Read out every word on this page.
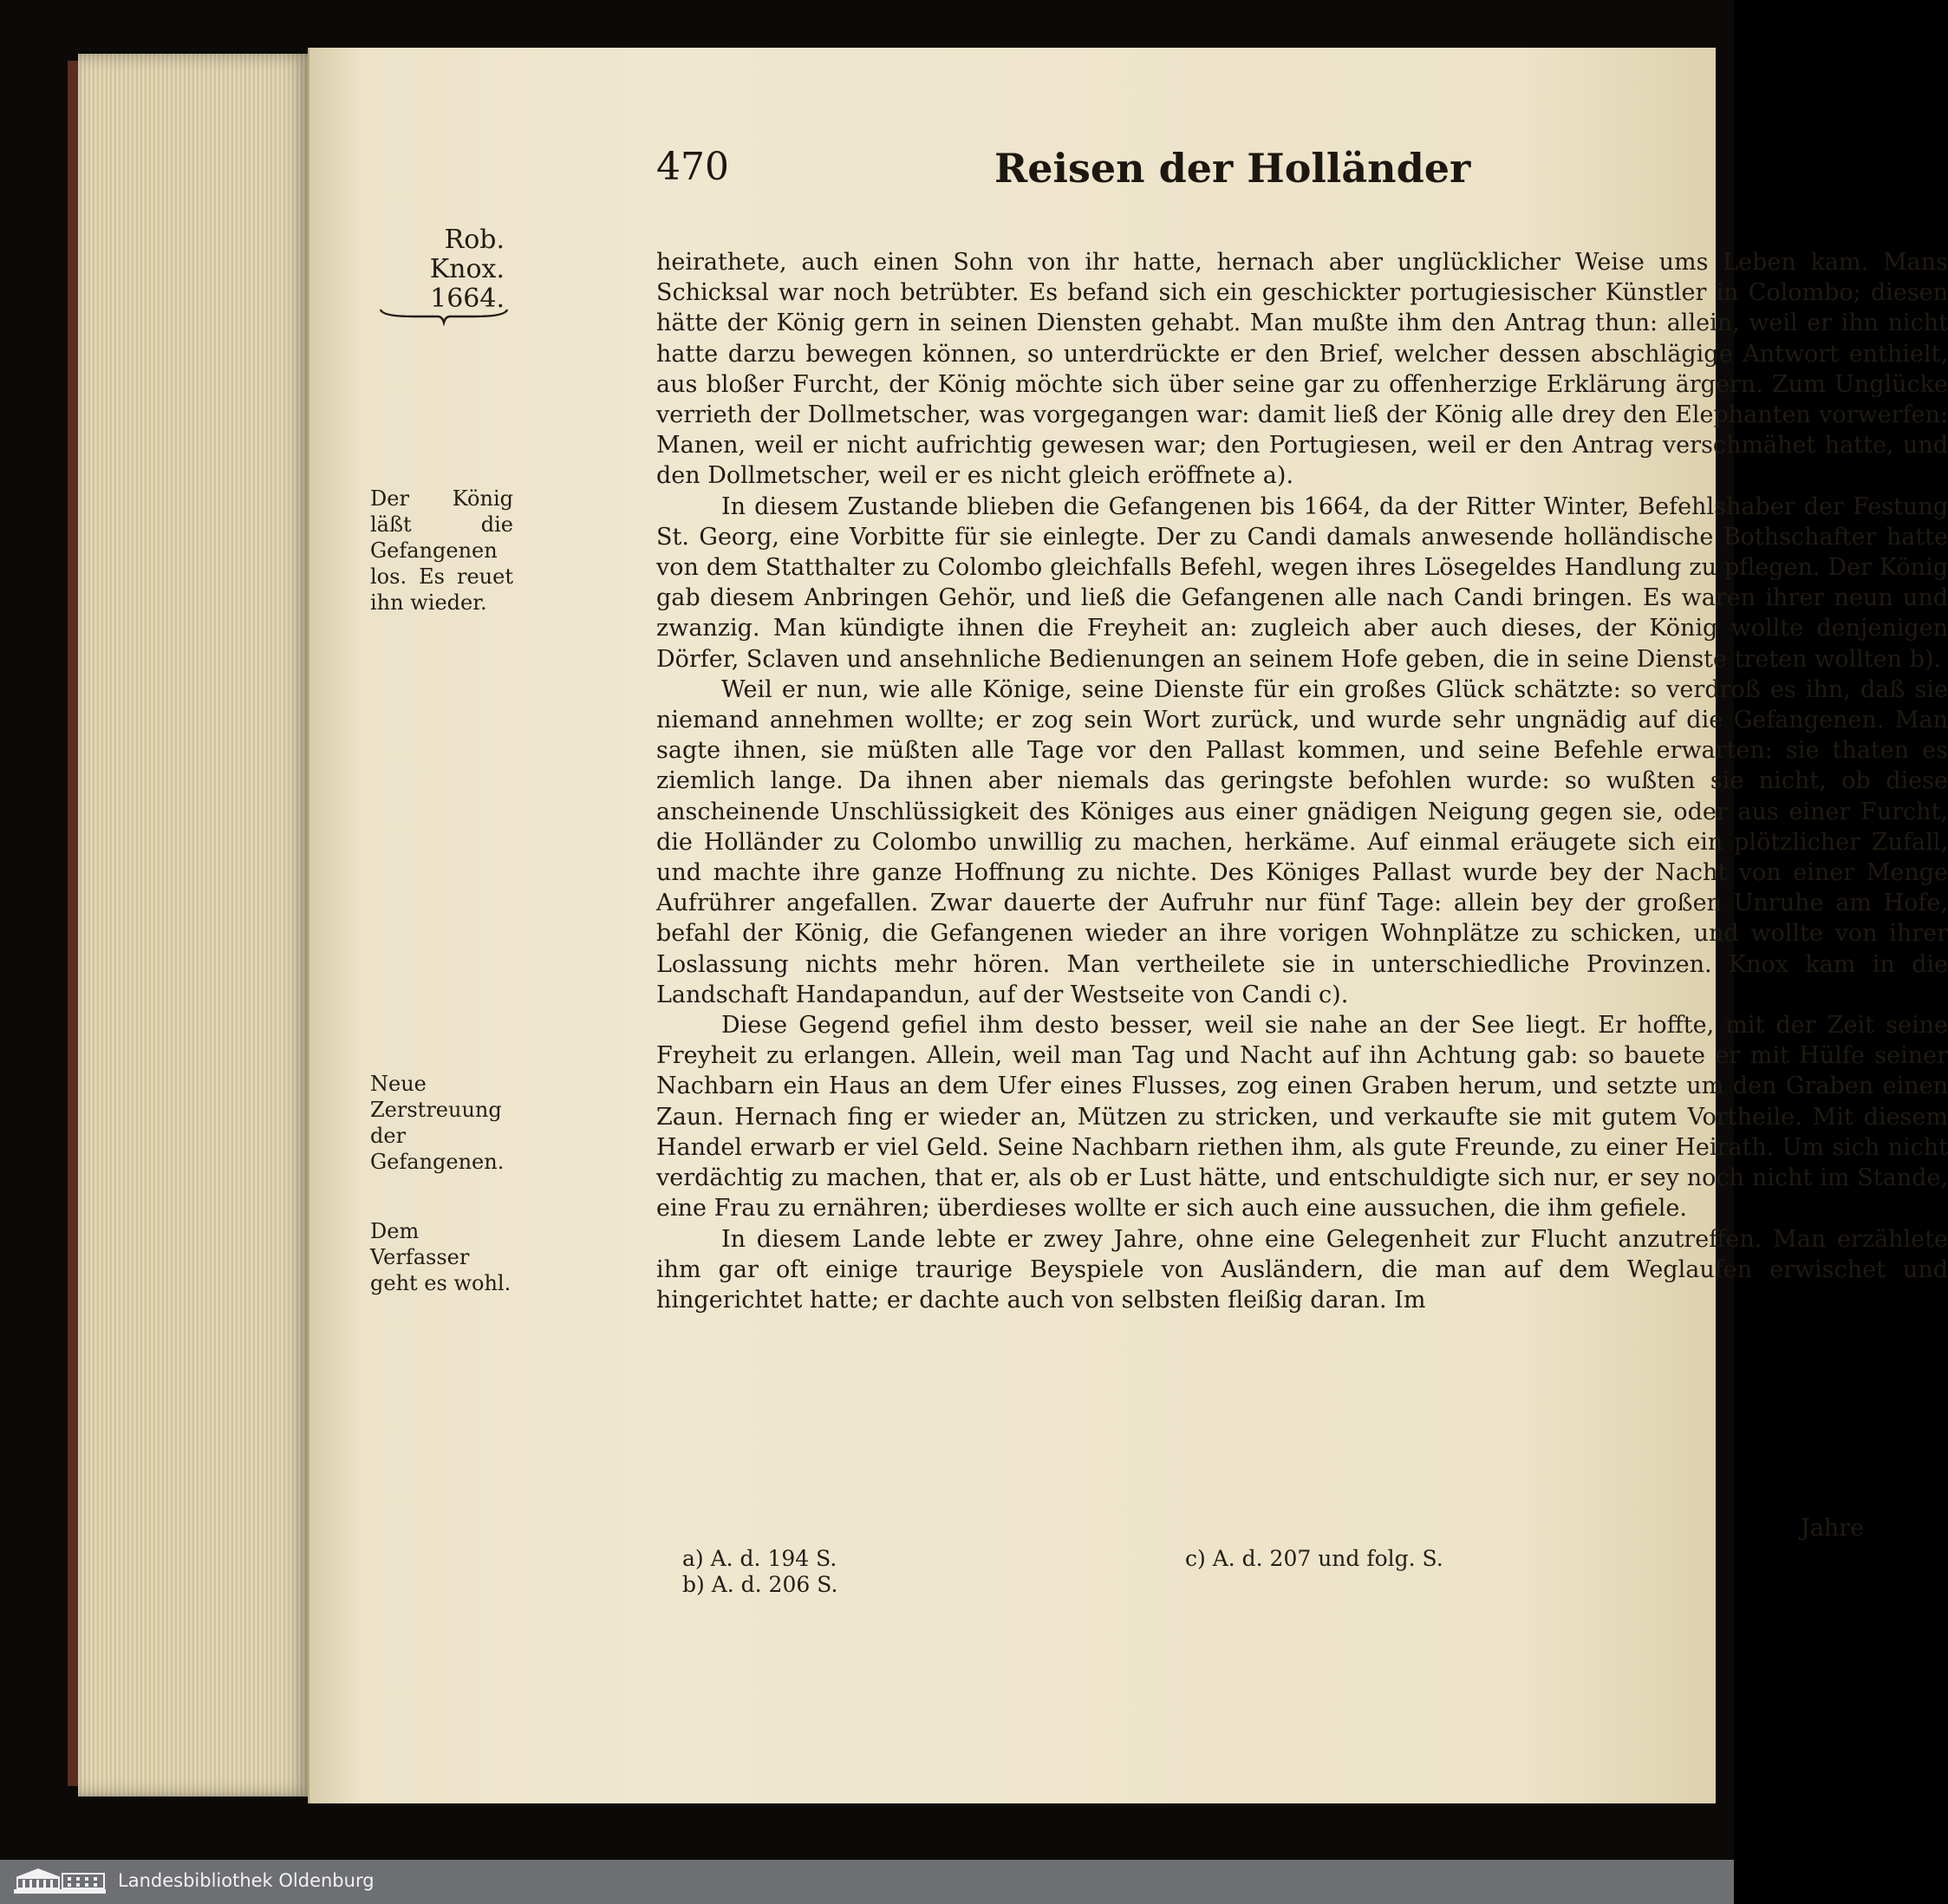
470	Reisen der Holländer
Rob. Knox.
1664.
Der König läßt die Gefangenen los. Es reuet ihn wieder.
Neue Zerstreuung der Gefangenen.
Dem Verfasser geht es wohl.

heirathete, auch einen Sohn von ihr hatte, hernach aber unglücklicher Weise ums Leben kam. Mans Schicksal war noch betrübter. Es befand sich ein geschickter portugiesischer Künstler in Colombo; diesen hätte der König gern in seinen Diensten gehabt. Man mußte ihm den Antrag thun: allein, weil er ihn nicht hatte darzu bewegen können, so unterdrückte er den Brief, welcher dessen abschlägige Antwort enthielt, aus bloßer Furcht, der König möchte sich über seine gar zu offenherzige Erklärung ärgern. Zum Unglücke verrieth der Dollmetscher, was vorgegangen war: damit ließ der König alle drey den Elephanten vorwerfen: Manen, weil er nicht aufrichtig gewesen war; den Portugiesen, weil er den Antrag verschmähet hatte, und den Dollmetscher, weil er es nicht gleich eröffnete a).

In diesem Zustande blieben die Gefangenen bis 1664, da der Ritter Winter, Befehlshaber der Festung St. Georg, eine Vorbitte für sie einlegte. Der zu Candi damals anwesende holländische Bothschafter hatte von dem Statthalter zu Colombo gleichfalls Befehl, wegen ihres Lösegeldes Handlung zu pflegen. Der König gab diesem Anbringen Gehör, und ließ die Gefangenen alle nach Candi bringen. Es waren ihrer neun und zwanzig. Man kündigte ihnen die Freyheit an: zugleich aber auch dieses, der König wollte denjenigen Dörfer, Sclaven und ansehnliche Bedienungen an seinem Hofe geben, die in seine Dienste treten wollten b).

Weil er nun, wie alle Könige, seine Dienste für ein großes Glück schätzte: so verdroß es ihn, daß sie niemand annehmen wollte; er zog sein Wort zurück, und wurde sehr ungnädig auf die Gefangenen. Man sagte ihnen, sie müßten alle Tage vor den Pallast kommen, und seine Befehle erwarten: sie thaten es ziemlich lange. Da ihnen aber niemals das geringste befohlen wurde: so wußten sie nicht, ob diese anscheinende Unschlüssigkeit des Königes aus einer gnädigen Neigung gegen sie, oder aus einer Furcht, die Holländer zu Colombo unwillig zu machen, herkäme. Auf einmal eräugete sich ein plötzlicher Zufall, und machte ihre ganze Hoffnung zu nichte. Des Königes Pallast wurde bey der Nacht von einer Menge Aufrührer angefallen. Zwar dauerte der Aufruhr nur fünf Tage: allein bey der großen Unruhe am Hofe, befahl der König, die Gefangenen wieder an ihre vorigen Wohnplätze zu schicken, und wollte von ihrer Loslassung nichts mehr hören. Man vertheilete sie in unterschiedliche Provinzen. Knox kam in die Landschaft Handapandun, auf der Westseite von Candi c).

Diese Gegend gefiel ihm desto besser, weil sie nahe an der See liegt. Er hoffte, mit der Zeit seine Freyheit zu erlangen. Allein, weil man Tag und Nacht auf ihn Achtung gab: so bauete er mit Hülfe seiner Nachbarn ein Haus an dem Ufer eines Flusses, zog einen Graben herum, und setzte um den Graben einen Zaun. Hernach fing er wieder an, Mützen zu stricken, und verkaufte sie mit gutem Vortheile. Mit diesem Handel erwarb er viel Geld. Seine Nachbarn riethen ihm, als gute Freunde, zu einer Heirath. Um sich nicht verdächtig zu machen, that er, als ob er Lust hätte, und entschuldigte sich nur, er sey noch nicht im Stande, eine Frau zu ernähren; überdieses wollte er sich auch eine aussuchen, die ihm gefiele.

In diesem Lande lebte er zwey Jahre, ohne eine Gelegenheit zur Flucht anzutreffen. Man erzählete ihm gar oft einige traurige Beyspiele von Ausländern, die man auf dem Weglaufen erwischet und hingerichtet hatte; er dachte auch von selbsten fleißig daran. Im

Jahre
a) A. d. 194 S.
b) A. d. 206 S.
c) A. d. 207 und folg. S.
Landesbibliothek Oldenburg
